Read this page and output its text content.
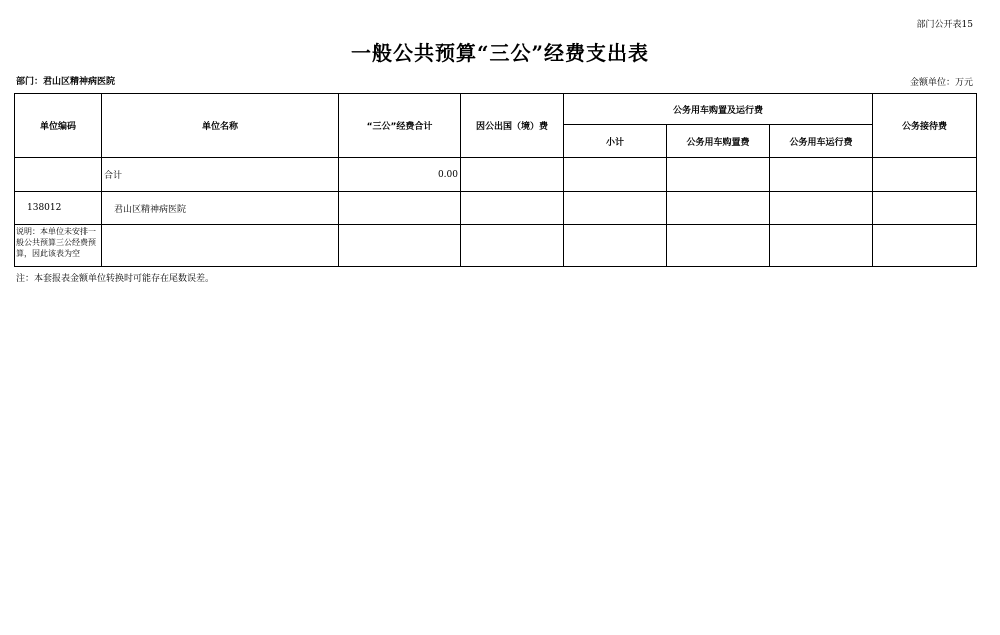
部门公开表15
一般公共预算“三公”经费支出表
部门：君山区精神病医院	金额单位：万元
单位编码	单位名称	“三公”经费合计	因公出国（境）费	公务用车购置及运行费			公务接待费
				小计	公务用车购置费	公务用车运行费	
	合计	0.00					
138012	君山区精神病医院						

说明：本单位未安排一般公共预算三公经费预算，因此该表为空							

注：本套报表金额单位转换时可能存在尾数误差。
